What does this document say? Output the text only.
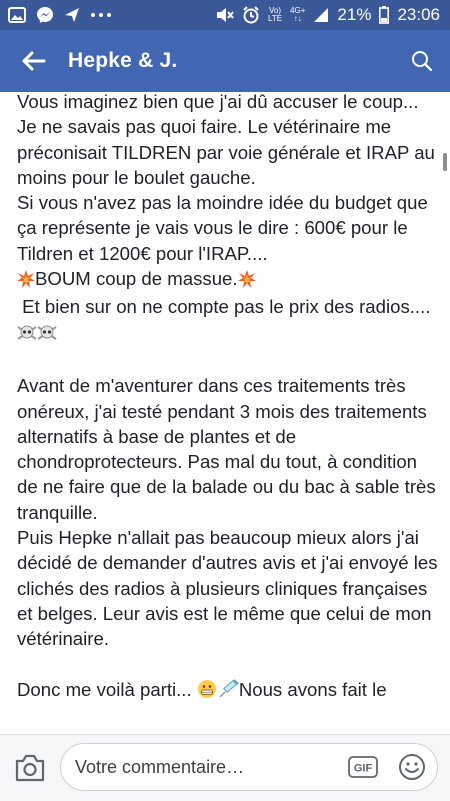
Vo)
LTE
4G+
↑↓ 21% 23:06
Hepke & J.

Vous imaginez bien que j'ai dû accuser le coup... Je ne savais pas quoi faire. Le vétérinaire me préconisait TILDREN par voie générale et IRAP au moins pour le boulet gauche.
Si vous n'avez pas la moindre idée du budget que ça représente je vais vous le dire : 600€ pour le Tildren et 1200€ pour l'IRAP....

BOUM coup de massue.

Et bien sur on ne compte pas le prix des radios....

Avant de m'aventurer dans ces traitements très onéreux, j'ai testé pendant 3 mois des traitements alternatifs à base de plantes et de chondroprotecteurs. Pas mal du tout, à condition de ne faire que de la balade ou du bac à sable très tranquille.
Puis Hepke n'allait pas beaucoup mieux alors j'ai décidé de demander d'autres avis et j'ai envoyé les clichés des radios à plusieurs cliniques françaises et belges. Leur avis est le même que celui de mon vétérinaire.

Donc me voilà parti... Nous avons fait le

Votre commentaire…	GIF
